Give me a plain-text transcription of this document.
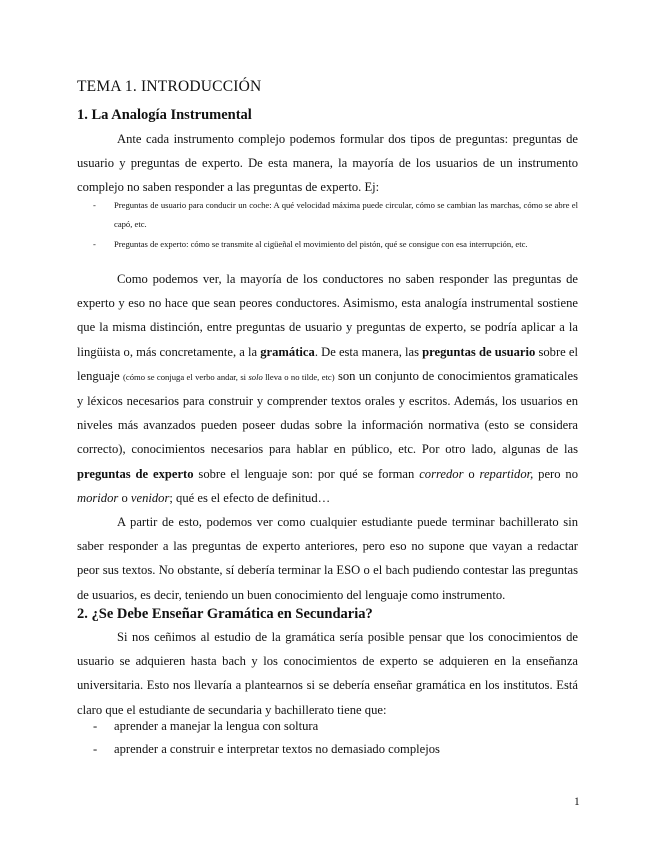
TEMA 1. INTRODUCCIÓN
1. La Analogía Instrumental

Ante cada instrumento complejo podemos formular dos tipos de preguntas: preguntas de usuario y preguntas de experto. De esta manera, la mayoría de los usuarios de un instrumento complejo no saben responder a las preguntas de experto. Ej:

- Preguntas de usuario para conducir un coche: A qué velocidad máxima puede circular, cómo se cambian las marchas, cómo se abre el capó, etc.
- Preguntas de experto: cómo se transmite al cigüeñal el movimiento del pistón, qué se consigue con esa interrupción, etc.

Como podemos ver, la mayoría de los conductores no saben responder las preguntas de experto y eso no hace que sean peores conductores. Asimismo, esta analogía instrumental sostiene que la misma distinción, entre preguntas de usuario y preguntas de experto, se podría aplicar a la lingüista o, más concretamente, a la gramática. De esta manera, las preguntas de usuario sobre el lenguaje (cómo se conjuga el verbo andar, si solo lleva o no tilde, etc) son un conjunto de conocimientos gramaticales y léxicos necesarios para construir y comprender textos orales y escritos. Además, los usuarios en niveles más avanzados pueden poseer dudas sobre la información normativa (esto se considera correcto), conocimientos necesarios para hablar en público, etc. Por otro lado, algunas de las preguntas de experto sobre el lenguaje son: por qué se forman corredor o repartidor, pero no moridor o venidor; qué es el efecto de definitud…

A partir de esto, podemos ver como cualquier estudiante puede terminar bachillerato sin saber responder a las preguntas de experto anteriores, pero eso no supone que vayan a redactar peor sus textos. No obstante, sí debería terminar la ESO o el bach pudiendo contestar las preguntas de usuarios, es decir, teniendo un buen conocimiento del lenguaje como instrumento.

2. ¿Se Debe Enseñar Gramática en Secundaria?

Si nos ceñimos al estudio de la gramática sería posible pensar que los conocimientos de usuario se adquieren hasta bach y los conocimientos de experto se adquieren en la enseñanza universitaria. Esto nos llevaría a plantearnos si se debería enseñar gramática en los institutos. Está claro que el estudiante de secundaria y bachillerato tiene que:

- aprender a manejar la lengua con soltura
- aprender a construir e interpretar textos no demasiado complejos
1
